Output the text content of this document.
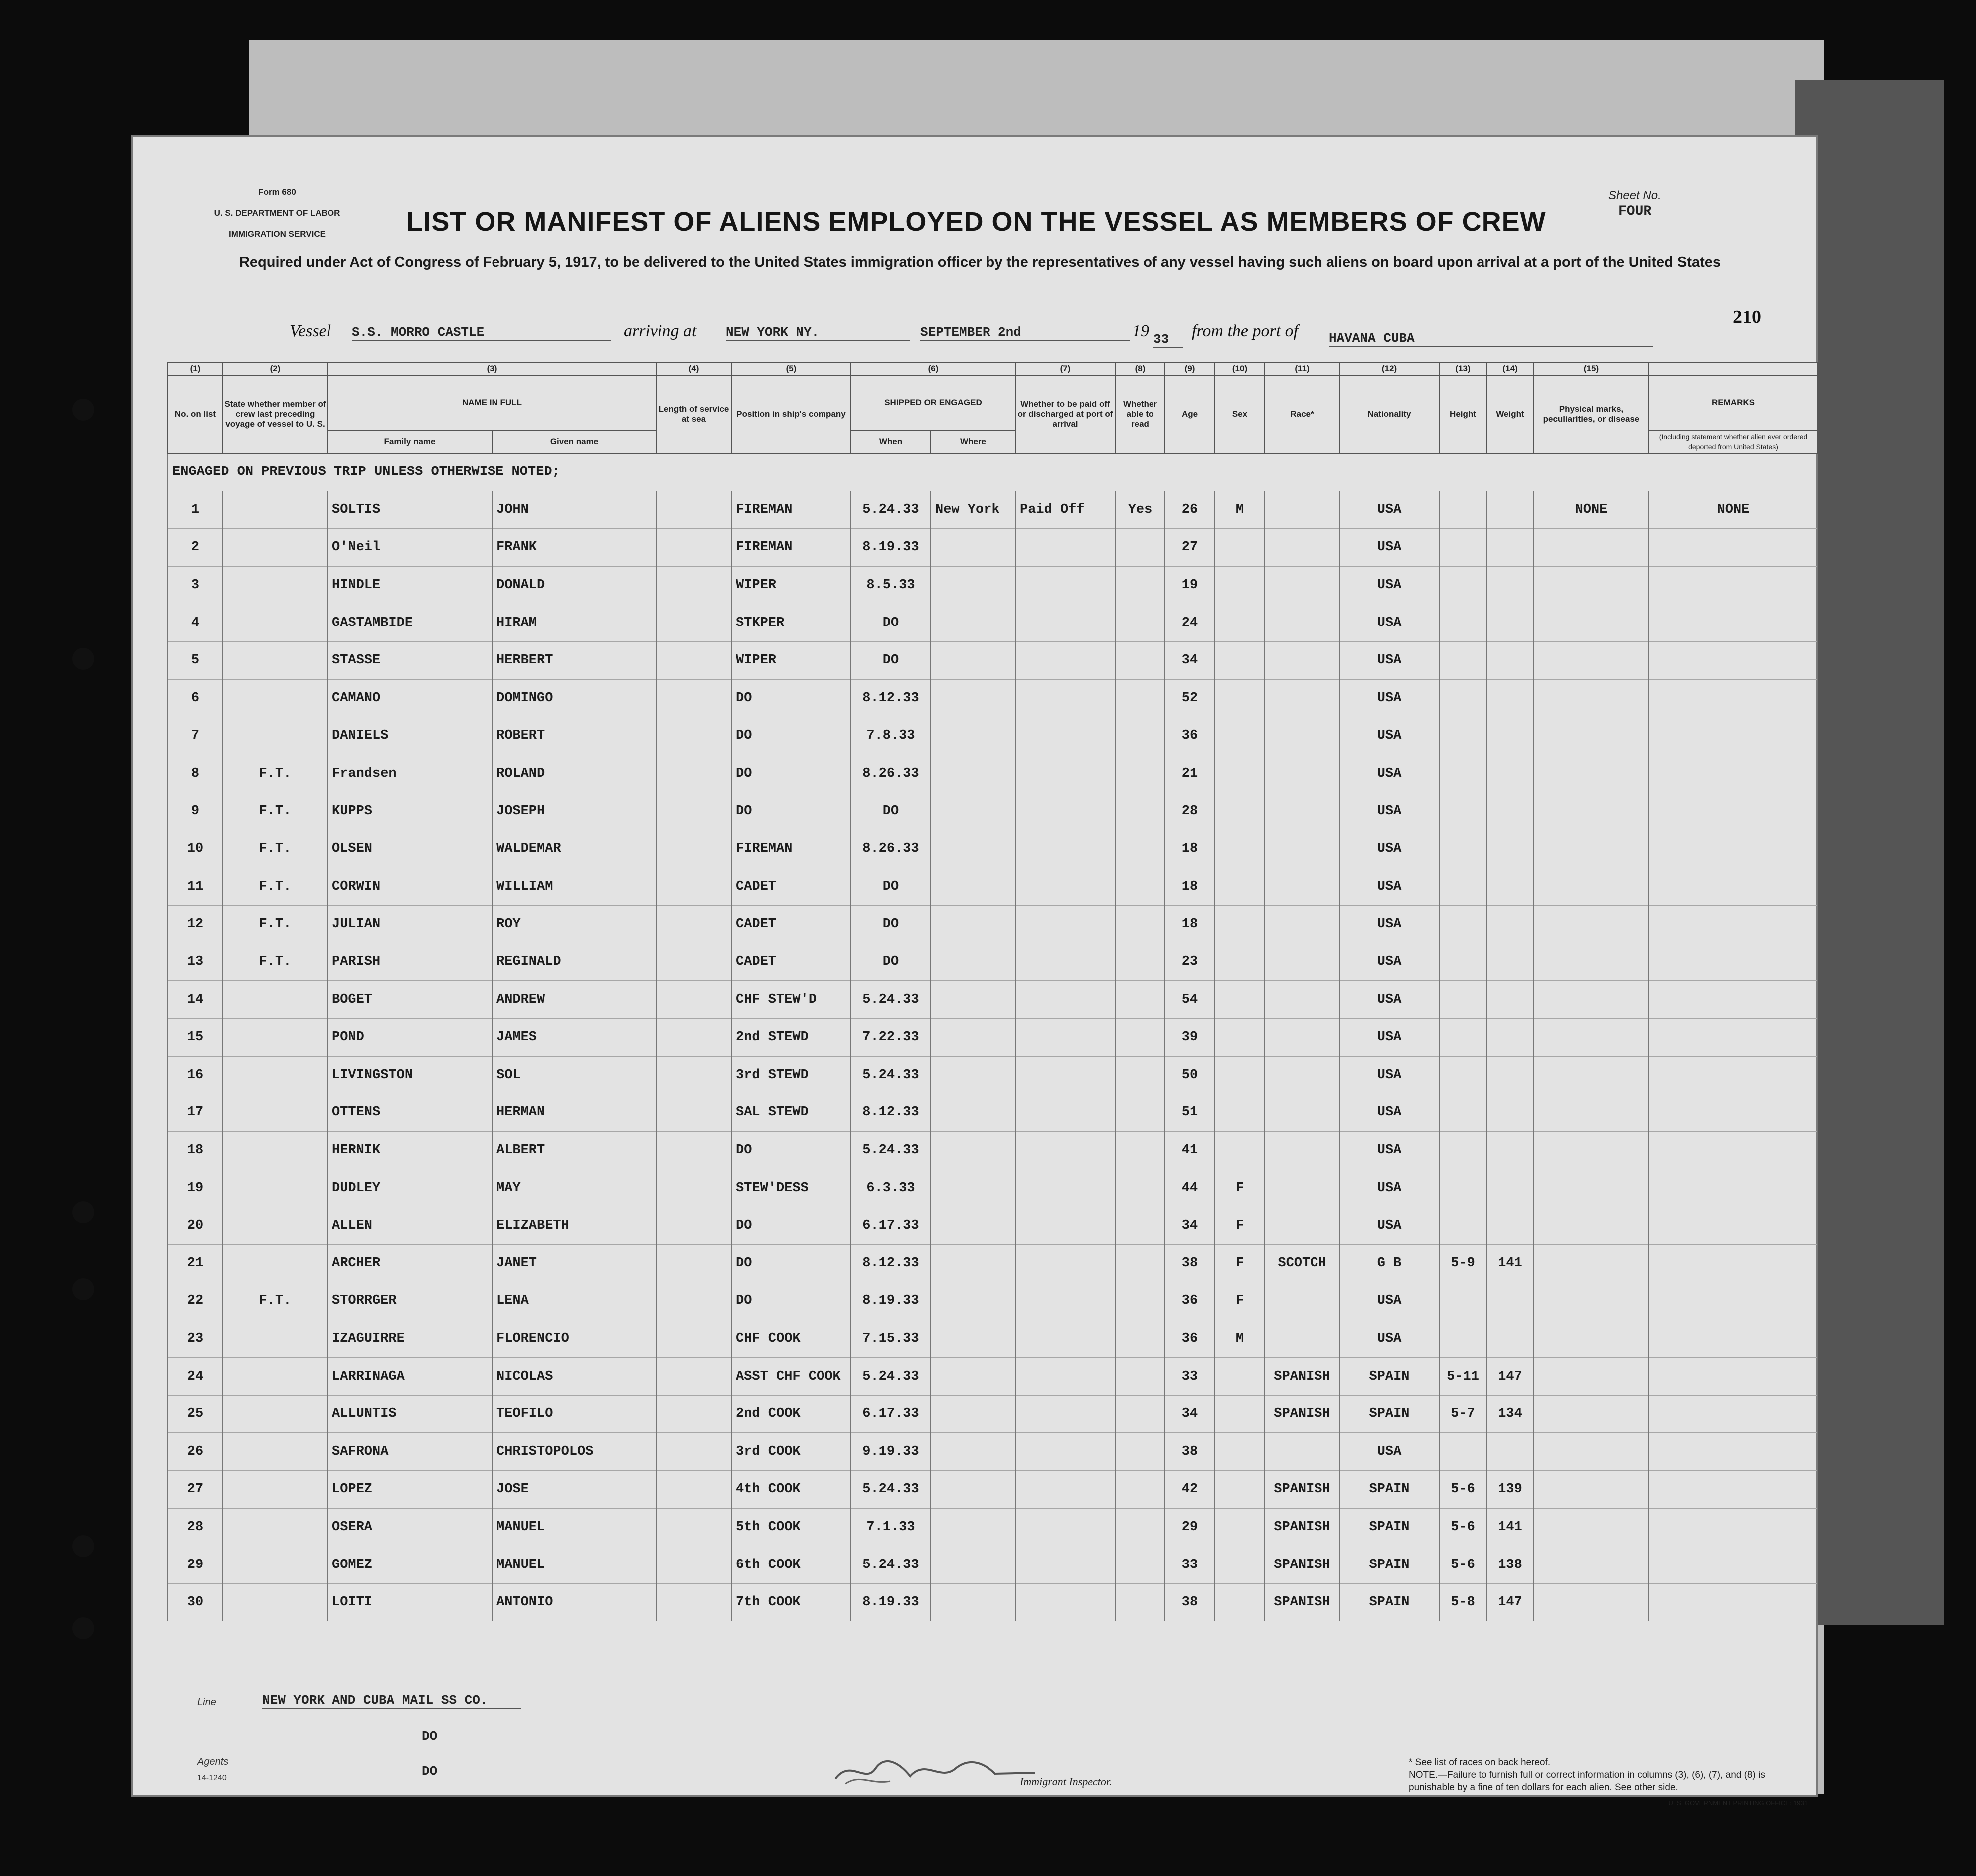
Form 680

U. S. DEPARTMENT OF LABOR

IMMIGRATION SERVICE

Sheet No.
FOUR
LIST OR MANIFEST OF ALIENS EMPLOYED ON THE VESSEL AS MEMBERS OF CREW
Required under Act of Congress of February 5, 1917, to be delivered to the United States immigration officer by the representatives of any vessel having such aliens on board upon arrival at a port of the United States
210
Vessel S.S. MORRO CASTLE	arriving at NEW YORK NY.	SEPTEMBER 2nd	19 33	from the port of HAVANA CUBA
(1)	(2)	(3)		(4)	(5)	(6)		(7)	(8)	(9)	(10)	(11)	(12)	(13)	(14)	(15)	
No. on list	State whether member of crew last preceding voyage of vessel to U. S.	NAME IN FULL		Length of service at sea	Position in ship's company	SHIPPED OR ENGAGED		Whether to be paid off or discharged at port of arrival	Whether able to read	Age	Sex	Race*	Nationality	Height	Weight	Physical marks, peculiarities, or disease	REMARKS
		Family name	Given name			When	Where										(Including statement whether alien ever ordered deported from United States)
ENGAGED ON PREVIOUS TRIP UNLESS OTHERWISE NOTED;																	
1		SOLTIS	JOHN		FIREMAN	5.24.33	New York	Paid Off	Yes	26	M		USA			NONE	NONE
2		O'Neil	FRANK		FIREMAN	8.19.33				27			USA				
3		HINDLE	DONALD		WIPER	8.5.33				19			USA				
4		GASTAMBIDE	HIRAM		STKPER	DO				24			USA				
5		STASSE	HERBERT		WIPER	DO				34			USA				
6		CAMANO	DOMINGO		DO	8.12.33				52			USA				
7		DANIELS	ROBERT		DO	7.8.33				36			USA				
8	F.T.	Frandsen	ROLAND		DO	8.26.33				21			USA				
9	F.T.	KUPPS	JOSEPH		DO	DO				28			USA				
10	F.T.	OLSEN	WALDEMAR		FIREMAN	8.26.33				18			USA				
11	F.T.	CORWIN	WILLIAM		CADET	DO				18			USA				
12	F.T.	JULIAN	ROY		CADET	DO				18			USA				
13	F.T.	PARISH	REGINALD		CADET	DO				23			USA				
14		BOGET	ANDREW		CHF STEW'D	5.24.33				54			USA				
15		POND	JAMES		2nd STEWD	7.22.33				39			USA				
16		LIVINGSTON	SOL		3rd STEWD	5.24.33				50			USA				
17		OTTENS	HERMAN		SAL STEWD	8.12.33				51			USA				
18		HERNIK	ALBERT		DO	5.24.33				41			USA				
19		DUDLEY	MAY		STEW'DESS	6.3.33				44	F		USA				
20		ALLEN	ELIZABETH		DO	6.17.33				34	F		USA				
21		ARCHER	JANET		DO	8.12.33				38	F	SCOTCH	G B	5-9	141		
22	F.T.	STORRGER	LENA		DO	8.19.33				36	F		USA				
23		IZAGUIRRE	FLORENCIO		CHF COOK	7.15.33				36	M		USA				
24		LARRINAGA	NICOLAS		ASST CHF COOK	5.24.33				33		SPANISH	SPAIN	5-11	147		
25		ALLUNTIS	TEOFILO		2nd COOK	6.17.33				34		SPANISH	SPAIN	5-7	134		
26		SAFRONA	CHRISTOPOLOS		3rd COOK	9.19.33				38			USA				
27		LOPEZ	JOSE		4th COOK	5.24.33				42		SPANISH	SPAIN	5-6	139		
28		OSERA	MANUEL		5th COOK	7.1.33				29		SPANISH	SPAIN	5-6	141		
29		GOMEZ	MANUEL		6th COOK	5.24.33				33		SPANISH	SPAIN	5-6	138		
30		LOITI	ANTONIO		7th COOK	8.19.33				38		SPANISH	SPAIN	5-8	147		
Line	NEW YORK AND CUBA MAIL SS CO.
DO
Agents
DO
14-1240	Immigrant Inspector.
* See list of races on back hereof.
NOTE.—Failure to furnish full or correct information in columns (3), (6), (7), and (8) is punishable by a fine of ten dollars for each alien. See other side.
U. S. GOVERNMENT PRINTING OFFICE: 1931
